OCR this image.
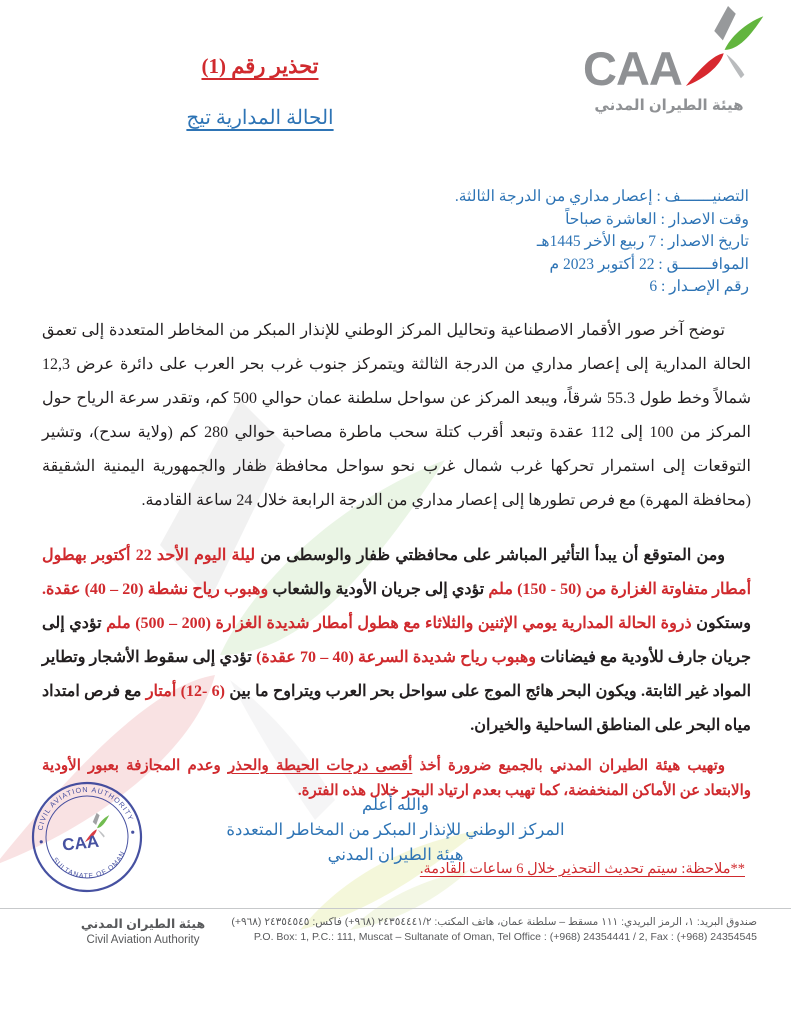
CAA
هيئة الطيران المدني
تحذير رقم (1)
الحالة المدارية تيج
التصنيـــــــف : إعصار مداري من الدرجة الثالثة.
وقت الاصدار : العاشرة صباحاً
تاريخ الاصدار : 7 ربيع الأخر 1445هـ
الموافـــــــق : 22 أكتوبر 2023 م
رقم الإصـدار : 6

توضح آخر صور الأقمار الاصطناعية وتحاليل المركز الوطني للإنذار المبكر من المخاطر المتعددة إلى تعمق الحالة المدارية إلى إعصار مداري من الدرجة الثالثة ويتمركز جنوب غرب بحر العرب على دائرة عرض 12,3 شمالاً وخط طول 55.3 شرقاً، ويبعد المركز عن سواحل سلطنة عمان حوالي 500 كم، وتقدر سرعة الرياح حول المركز من 100 إلى 112 عقدة وتبعد أقرب كتلة سحب ماطرة مصاحبة حوالي 280 كم (ولاية سدح)، وتشير التوقعات إلى استمرار تحركها غرب شمال غرب نحو سواحل محافظة ظفار والجمهورية اليمنية الشقيقة (محافظة المهرة) مع فرص تطورها إلى إعصار مداري من الدرجة الرابعة خلال 24 ساعة القادمة.

ومن المتوقع أن يبدأ التأثير المباشر على محافظتي ظفار والوسطى من ليلة اليوم الأحد 22 أكتوبر بهطول أمطار متفاوتة الغزارة من (50 - 150) ملم تؤدي إلى جريان الأودية والشعاب وهبوب رياح نشطة (20 – 40) عقدة. وستكون ذروة الحالة المدارية يومي الإثنين والثلاثاء مع هطول أمطار شديدة الغزارة (200 – 500) ملم تؤدي إلى جريان جارف للأودية مع فيضانات وهبوب رياح شديدة السرعة (40 – 70 عقدة) تؤدي إلى سقوط الأشجار وتطاير المواد غير الثابتة. ويكون البحر هائج الموج على سواحل بحر العرب ويتراوح ما بين (6 -12) أمتار مع فرص امتداد مياه البحر على المناطق الساحلية والخيران.

وتهيب هيئة الطيران المدني بالجميع ضرورة أخذ أقصى درجات الحيطة والحذر وعدم المجازفة بعبور الأودية والابتعاد عن الأماكن المنخفضة، كما تهيب بعدم ارتياد البحر خلال هذه الفترة.

والله أعلم
المركز الوطني للإنذار المبكر من المخاطر المتعددة
هيئة الطيران المدني
**ملاحظة: سيتم تحديث التحذير خلال 6 ساعات القادمة.
CIVIL AVIATION AUTHORITY
SULTANATE OF OMAN
CAA
هيئة الطيران المدني
Civil Aviation Authority
صندوق البريد: ١، الرمز البريدي: ١١١ مسقط – سلطنة عمان، هاتف المكتب: ٢٤٣٥٤٤٤١/٢ (٩٦٨+) فاكس: ٢٤٣٥٤٥٤٥ (٩٦٨+)
P.O. Box: 1, P.C.: 111, Muscat – Sultanate of Oman, Tel Office : (+968) 24354441 / 2, Fax : (+968) 24354545
